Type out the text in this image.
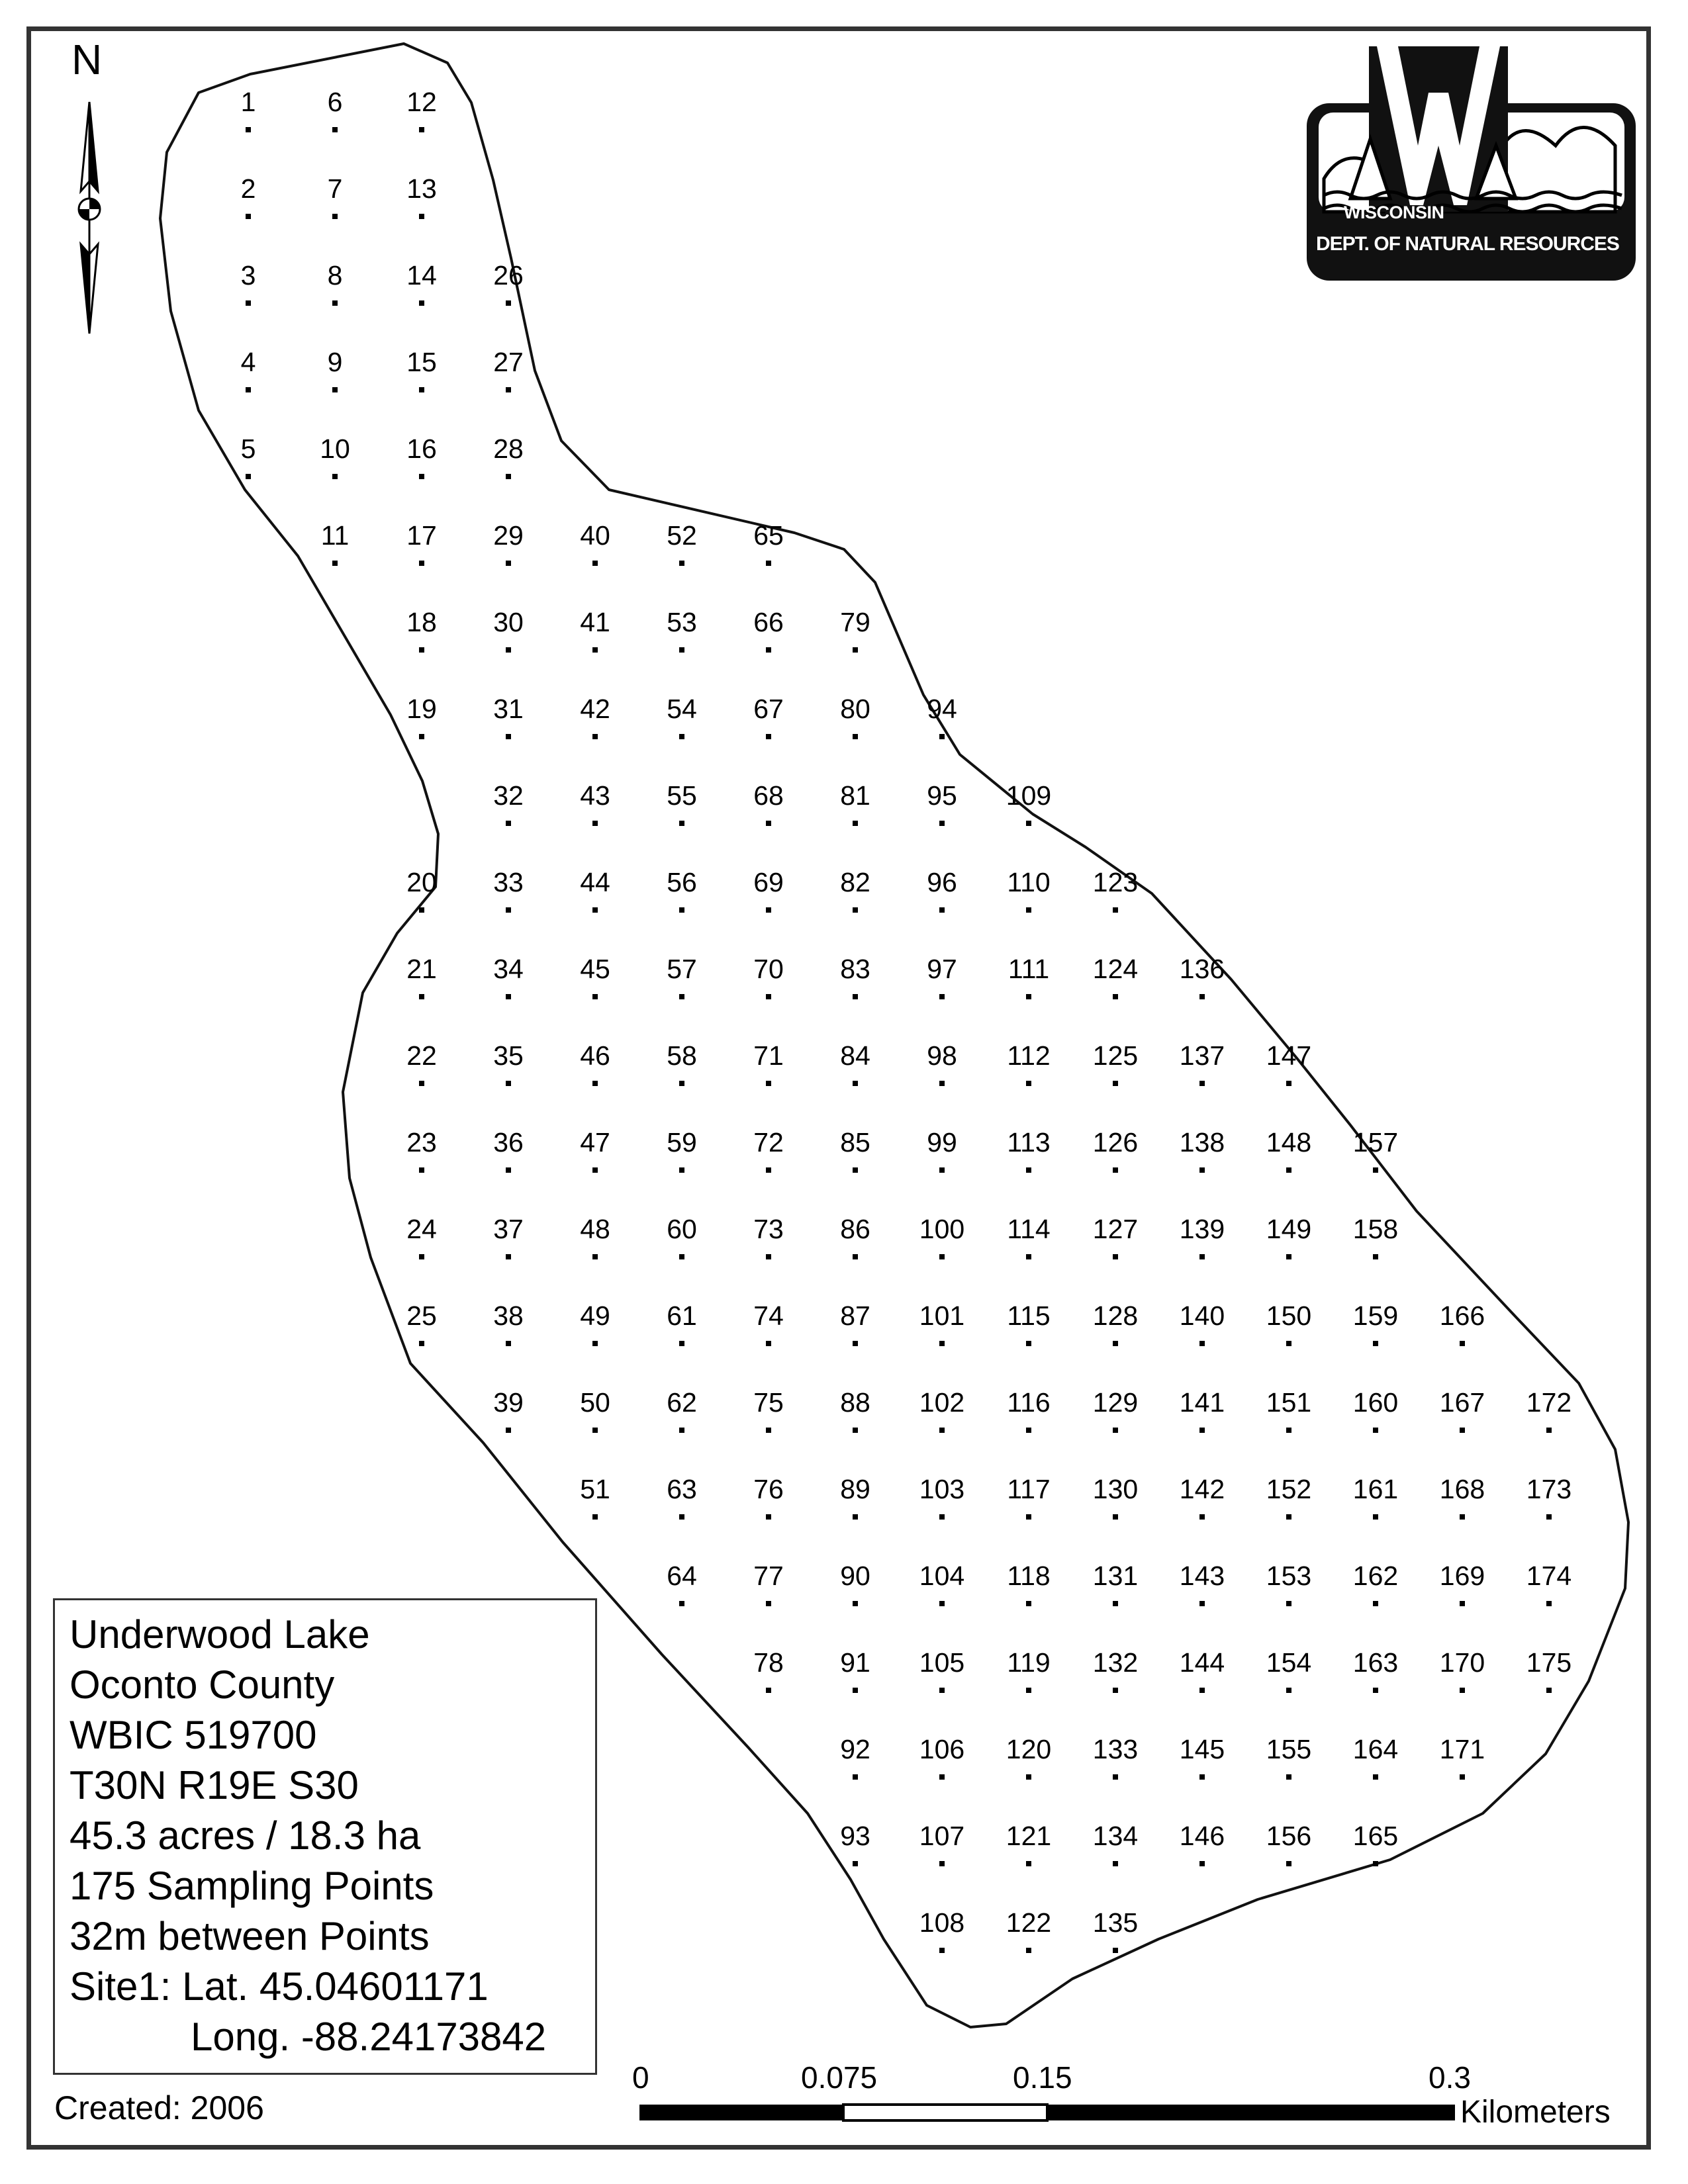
1
2
3
4
5
6
7
8
9
10
11
12
13
14
15
16
17
18
19
20
21
22
23
24
25
26
27
28
29
30
31
32
33
34
35
36
37
38
39
40
41
42
43
44
45
46
47
48
49
50
51
52
53
54
55
56
57
58
59
60
61
62
63
64
65
66
67
68
69
70
71
72
73
74
75
76
77
78
79
80
81
82
83
84
85
86
87
88
89
90
91
92
93
94
95
96
97
98
99
100
101
102
103
104
105
106
107
108
109
110
111
112
113
114
115
116
117
118
119
120
121
122
123
124
125
126
127
128
129
130
131
132
133
134
135
136
137
138
139
140
141
142
143
144
145
146
147
148
149
150
151
152
153
154
155
156
157
158
159
160
161
162
163
164
165
166
167
168
169
170
171
172
173
174
175
N
WISCONSIN
DEPT. OF NATURAL RESOURCES
Underwood Lake
Oconto County
WBIC 519700
T30N R19E S30
45.3 acres / 18.3 ha
175 Sampling Points
32m between Points
Site1: Lat. 45.04601171
Long. -88.24173842
Created: 2006
0	0.075	0.15	0.3
Kilometers
